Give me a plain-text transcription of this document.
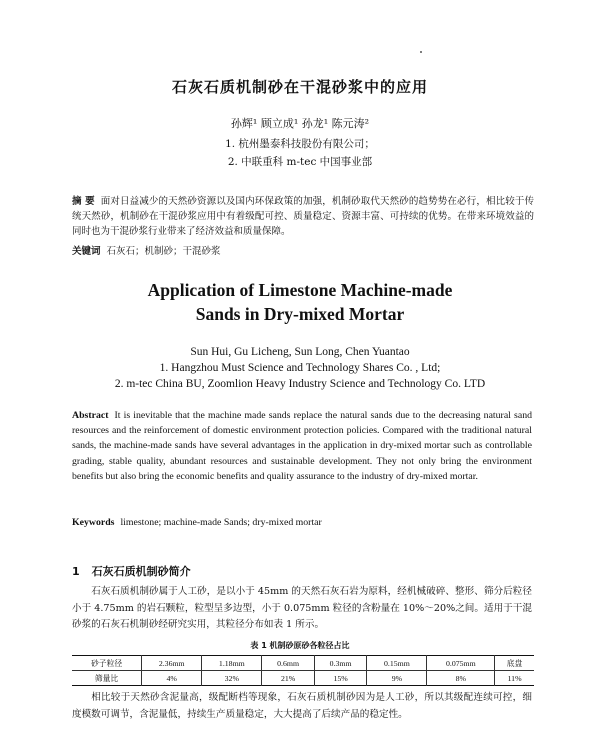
石灰石质机制砂在干混砂浆中的应用
孙辉¹ 顾立成¹ 孙龙¹ 陈元涛²
1. 杭州墨泰科技股份有限公司；
2. 中联重科 m-tec 中国事业部
摘 要 面对日益减少的天然砂资源以及国内环保政策的加强，机制砂取代天然砂的趋势势在必行，相比较于传统天然砂，机制砂在干混砂浆应用中有着级配可控、质量稳定、资源丰富、可持续的优势。在带来环境效益的同时也为干混砂浆行业带来了经济效益和质量保障。
关键词 石灰石；机制砂；干混砂浆
Application of Limestone Machine-made
Sands in Dry-mixed Mortar
Sun Hui, Gu Licheng, Sun Long, Chen Yuantao
1. Hangzhou Must Science and Technology Shares Co. , Ltd;
2. m-tec China BU, Zoomlion Heavy Industry Science and Technology Co. LTD
Abstract It is inevitable that the machine made sands replace the natural sands due to the decreasing natural sand resources and the reinforcement of domestic environment protection policies. Compared with the traditional natural sands, the machine-made sands have several advantages in the application in dry-mixed mortar such as controllable grading, stable quality, abundant resources and sustainable development. They not only bring the environment benefits but also bring the economic benefits and quality assurance to the industry of dry-mixed mortar.
Keywords limestone; machine-made Sands; dry-mixed mortar
1 石灰石质机制砂简介
石灰石质机制砂属于人工砂，是以小于 45mm 的天然石灰石岩为原料，经机械破碎、整形、筛分后粒径小于 4.75mm 的岩石颗粒，粒型呈多边型，小于 0.075mm 粒径的含粉量在 10%～20%之间。适用于干混砂浆的石灰石机制砂经研究实用，其粒径分布如表 1 所示。
表 1 机制砂原砂各粒径占比
砂子粒径	2.36mm	1.18mm	0.6mm	0.3mm	0.15mm	0.075mm	底盘
筛量比	4%	32%	21%	15%	9%	8%	11%
相比较于天然砂含泥量高，级配断档等现象，石灰石质机制砂因为是人工砂，所以其级配连续可控，细度模数可调节，含泥量低，持续生产质量稳定，大大提高了后续产品的稳定性。
